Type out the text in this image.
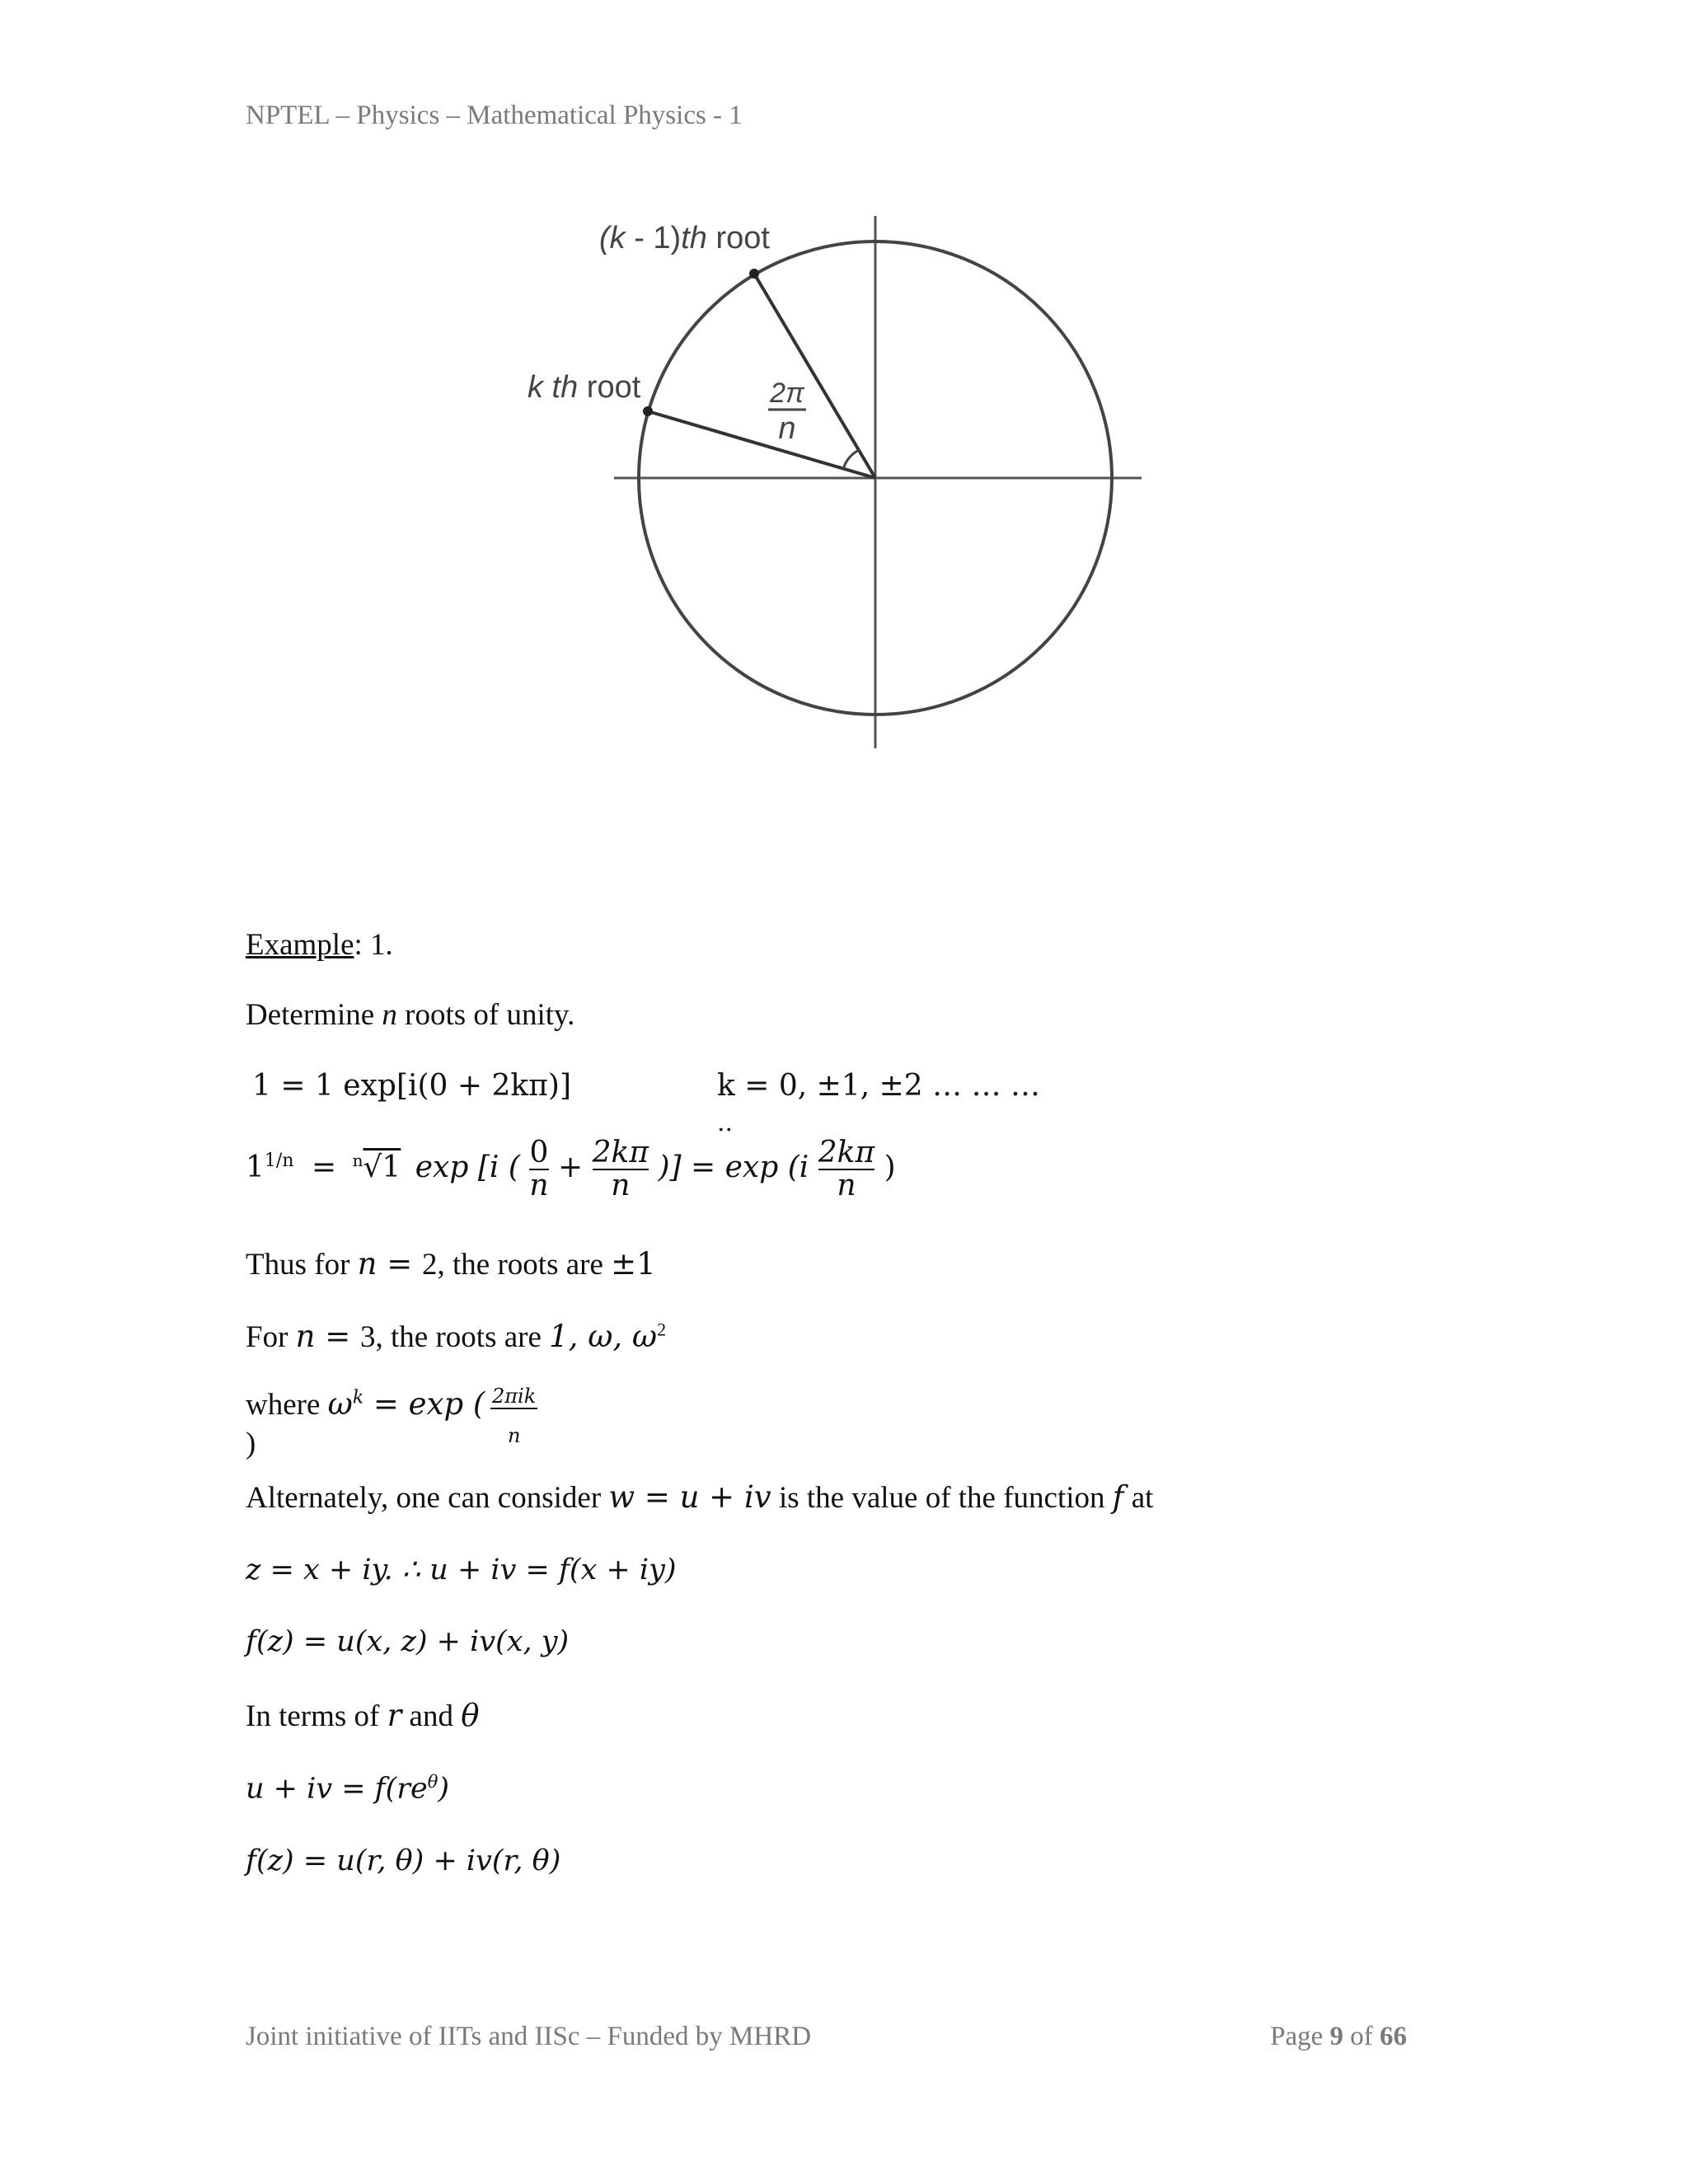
NPTEL – Physics – Mathematical Physics - 1
(k - 1)th root
k th root	2π
n
Example: 1.
Determine n roots of unity.
1 = 1 exp[i(0 + 2kπ)]	k = 0, ±1, ±2 … … …
..
$1^{1/n} = ^n√1$ exp [i ( $\frac{0}{n} + \frac{2k\pi}{n}$ )] = $\exp (i \frac{2k\pi}{n}$ )
Thus for n = 2, the roots are ±1
For n = 3, the roots are 1, ω, $\omega^2$
where $\omega^k = \exp$ ( 2πik
n
)
Alternately, one can consider w = u + iv is the value of the function f at
z = x + iy. ∴ u + iv = f(x + iy)
f(z) = u(x, z) + iv(x, y)
In terms of r and θ
u + iv = $f(re^\theta)$
f(z) = u(r, θ) + iv(r, θ)
Joint initiative of IITs and IISc – Funded by MHRD	Page 9 of 66
